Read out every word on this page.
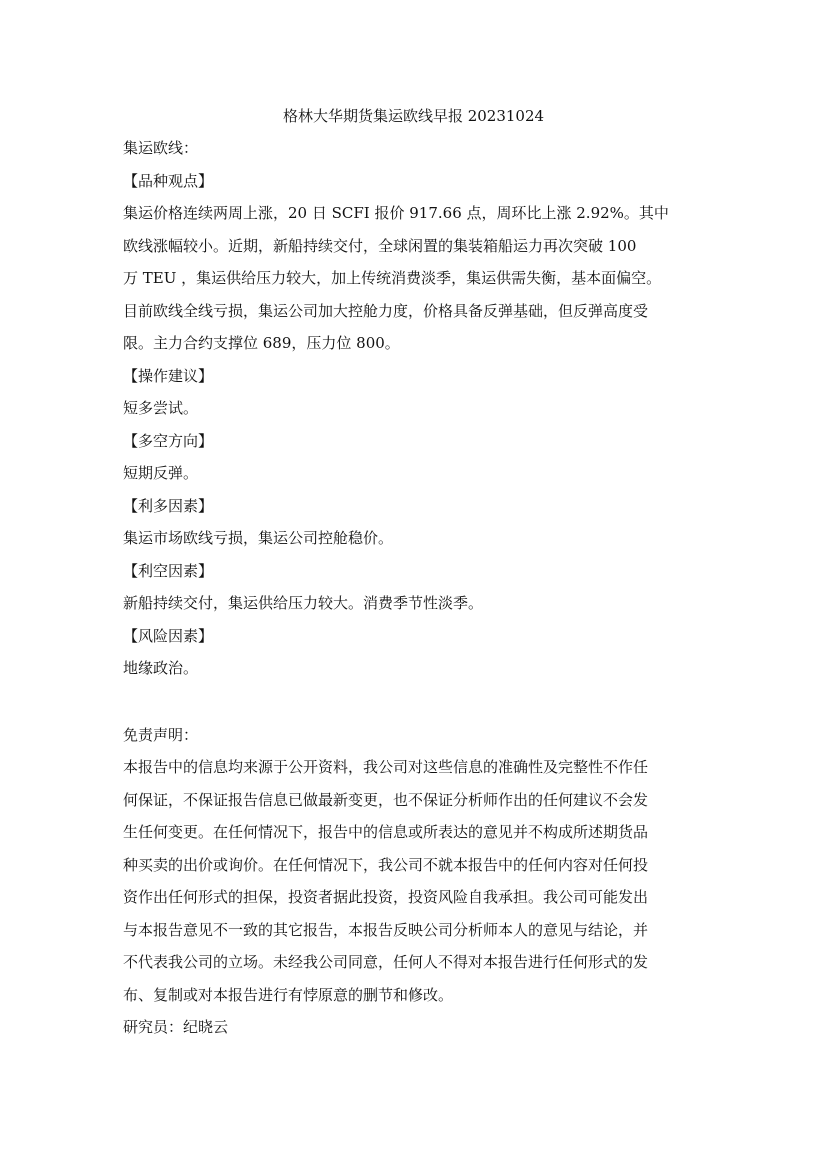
格林大华期货集运欧线早报 20231024

集运欧线：

【品种观点】

集运价格连续两周上涨，20 日 SCFI 报价 917.66 点，周环比上涨 2.92%。其中
欧线涨幅较小。近期，新船持续交付，全球闲置的集装箱船运力再次突破 100
万 TEU ，集运供给压力较大，加上传统消费淡季，集运供需失衡，基本面偏空。
目前欧线全线亏损，集运公司加大控舱力度，价格具备反弹基础，但反弹高度受
限。主力合约支撑位 689，压力位 800。

【操作建议】

短多尝试。

【多空方向】

短期反弹。

【利多因素】

集运市场欧线亏损，集运公司控舱稳价。

【利空因素】

新船持续交付，集运供给压力较大。消费季节性淡季。

【风险因素】

地缘政治。

免责声明：

本报告中的信息均来源于公开资料，我公司对这些信息的准确性及完整性不作任
何保证，不保证报告信息已做最新变更，也不保证分析师作出的任何建议不会发
生任何变更。在任何情况下，报告中的信息或所表达的意见并不构成所述期货品
种买卖的出价或询价。在任何情况下，我公司不就本报告中的任何内容对任何投
资作出任何形式的担保，投资者据此投资，投资风险自我承担。我公司可能发出
与本报告意见不一致的其它报告，本报告反映公司分析师本人的意见与结论，并
不代表我公司的立场。未经我公司同意，任何人不得对本报告进行任何形式的发
布、复制或对本报告进行有悖原意的删节和修改。

研究员：纪晓云
